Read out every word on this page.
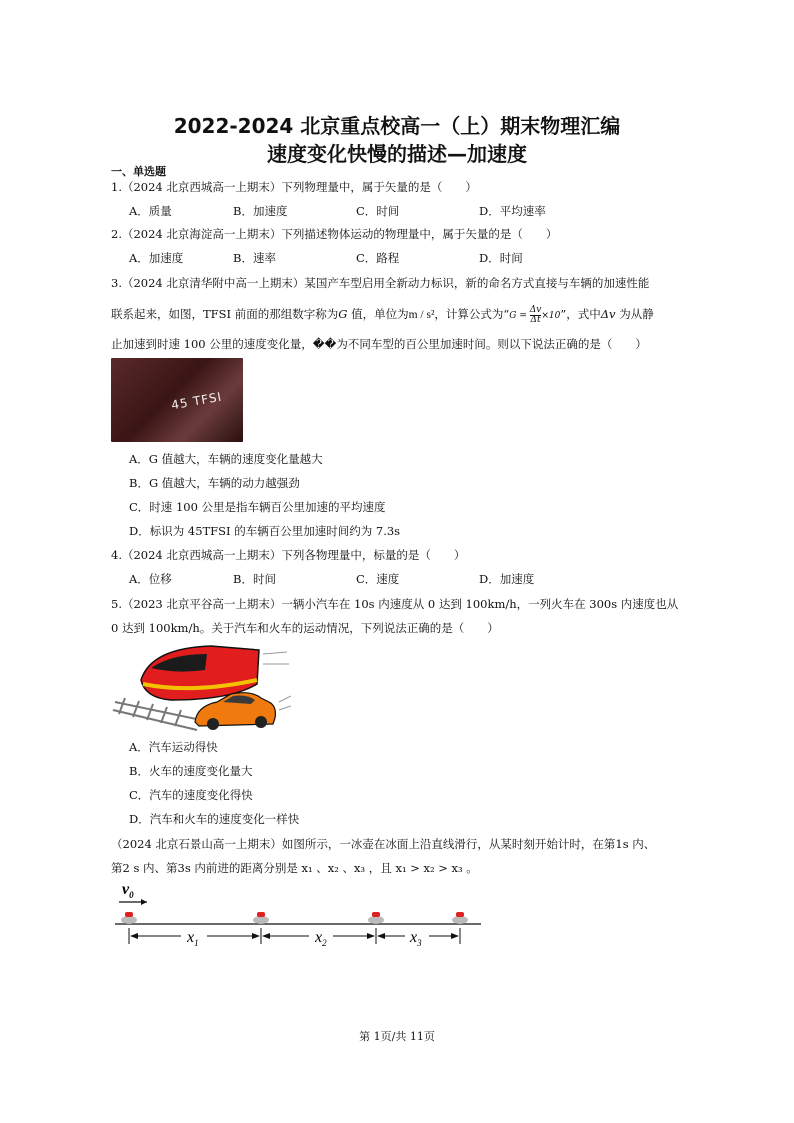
2022-2024 北京重点校高一（上）期末物理汇编
速度变化快慢的描述—加速度
一、单选题
1.（2024 北京西城高一上期末）下列物理量中，属于矢量的是（　　）
A．质量	B．加速度	C．时间	D．平均速率
2.（2024 北京海淀高一上期末）下列描述物体运动的物理量中，属于矢量的是（　　）
A．加速度	B．速率	C．路程	D．时间
3.（2024 北京清华附中高一上期末）某国产车型启用全新动力标识，新的命名方式直接与车辆的加速性能
联系起来，如图，TFSI 前面的那组数字称为G 值，单位为m / s²，计算公式为“$G = \frac{\Delta v}{\Delta t} \times 10$”，式中Δv 为从静
止加速到时速 100 公里的速度变化量，��为不同车型的百公里加速时间。则以下说法正确的是（　　）
45 TFSI
A．G 值越大，车辆的速度变化量越大
B．G 值越大，车辆的动力越强劲
C．时速 100 公里是指车辆百公里加速的平均速度
D．标识为 45TFSI 的车辆百公里加速时间约为 7.3s
4.（2024 北京西城高一上期末）下列各物理量中，标量的是（　　）
A．位移	B．时间	C．速度	D．加速度
5.（2023 北京平谷高一上期末）一辆小汽车在 10s 内速度从 0 达到 100km/h，一列火车在 300s 内速度也从
0 达到 100km/h。关于汽车和火车的运动情况，下列说法正确的是（　　）
A．汽车运动得快
B．火车的速度变化量大
C．汽车的速度变化得快
D．汽车和火车的速度变化一样快
（2024 北京石景山高一上期末）如图所示，一冰壶在冰面上沿直线滑行，从某时刻开始计时，在第1s 内、
第2 s 内、第3s 内前进的距离分别是 x₁ 、x₂ 、x₃ ，且 x₁ > x₂ > x₃ 。
$v_0$
$x_1$	$x_2$	$x_3$
第 1页/共 11页
